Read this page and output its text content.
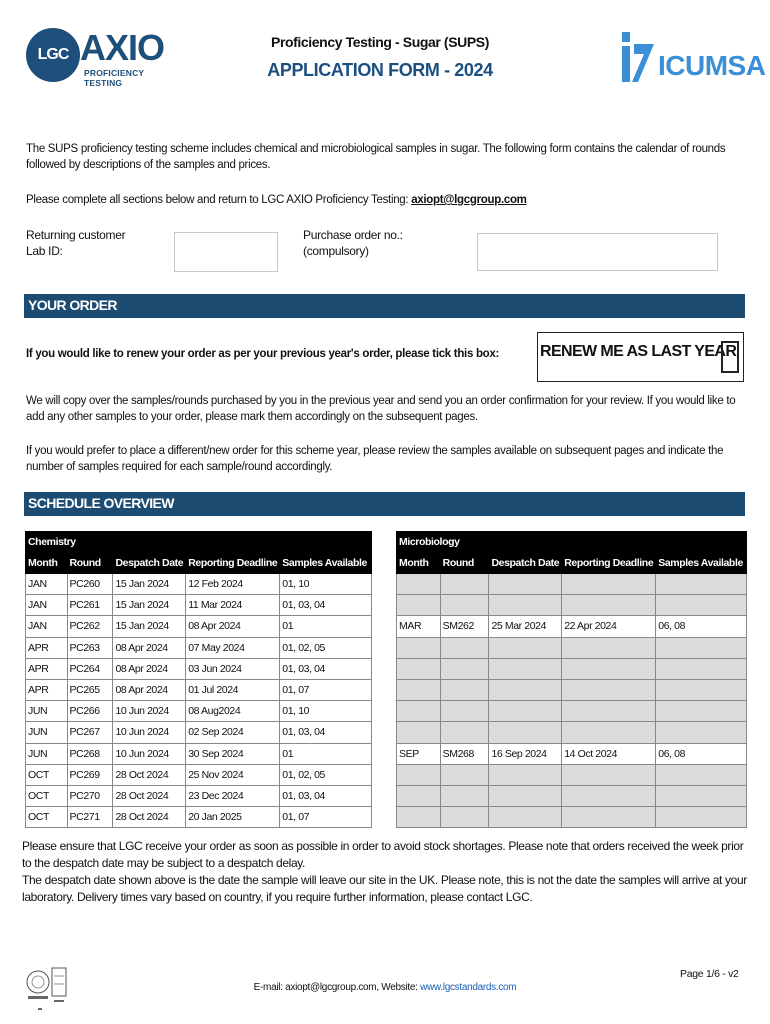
LGC AXIO
PROFICIENCY TESTING
Proficiency Testing - Sugar (SUPS)
APPLICATION FORM - 2024	ICUMSA
The SUPS proficiency testing scheme includes chemical and microbiological samples in sugar. The following form contains the calendar of rounds followed by descriptions of the samples and prices.
Please complete all sections below and return to LGC AXIO Proficiency Testing: axiopt@lgcgroup.com
Returning customer Lab ID:
Purchase order no.: (compulsory)
YOUR ORDER
If you would like to renew your order as per your previous year's order, please tick this box:	RENEW ME AS LAST YEAR
We will copy over the samples/rounds purchased by you in the previous year and send you an order confirmation for your review. If you would like to add any other samples to your order, please mark them accordingly on the subsequent pages.
If you would prefer to place a different/new order for this scheme year, please review the samples available on subsequent pages and indicate the number of samples required for each sample/round accordingly.
SCHEDULE OVERVIEW
Chemistry				
Month	Round	Despatch Date	Reporting Deadline	Samples Available
JAN	PC260	15 Jan 2024	12 Feb 2024	01, 10
JAN	PC261	15 Jan 2024	11 Mar 2024	01, 03, 04
JAN	PC262	15 Jan 2024	08 Apr 2024	01
APR	PC263	08 Apr 2024	07 May 2024	01, 02, 05
APR	PC264	08 Apr 2024	03 Jun 2024	01, 03, 04
APR	PC265	08 Apr 2024	01 Jul 2024	01, 07
JUN	PC266	10 Jun 2024	08 Aug2024	01, 10
JUN	PC267	10 Jun 2024	02 Sep 2024	01, 03, 04
JUN	PC268	10 Jun 2024	30 Sep 2024	01
OCT	PC269	28 Oct 2024	25 Nov 2024	01, 02, 05
OCT	PC270	28 Oct 2024	23 Dec 2024	01, 03, 04
OCT	PC271	28 Oct 2024	20 Jan 2025	01, 07
Microbiology				
Month	Round	Despatch Date	Reporting Deadline	Samples Available

MAR	SM262	25 Mar 2024	22 Apr 2024	06, 08

SEP	SM268	16 Sep 2024	14 Oct 2024	06, 08

Please ensure that LGC receive your order as soon as possible in order to avoid stock shortages. Please note that orders received the week prior to the despatch date may be subject to a despatch delay.
The despatch date shown above is the date the sample will leave our site in the UK. Please note, this is not the date the samples will arrive at your laboratory. Delivery times vary based on country, if you require further information, please contact LGC.
E-mail: axiopt@lgcgroup.com, Website: www.lgcstandards.com
Page 1/6 - v2
